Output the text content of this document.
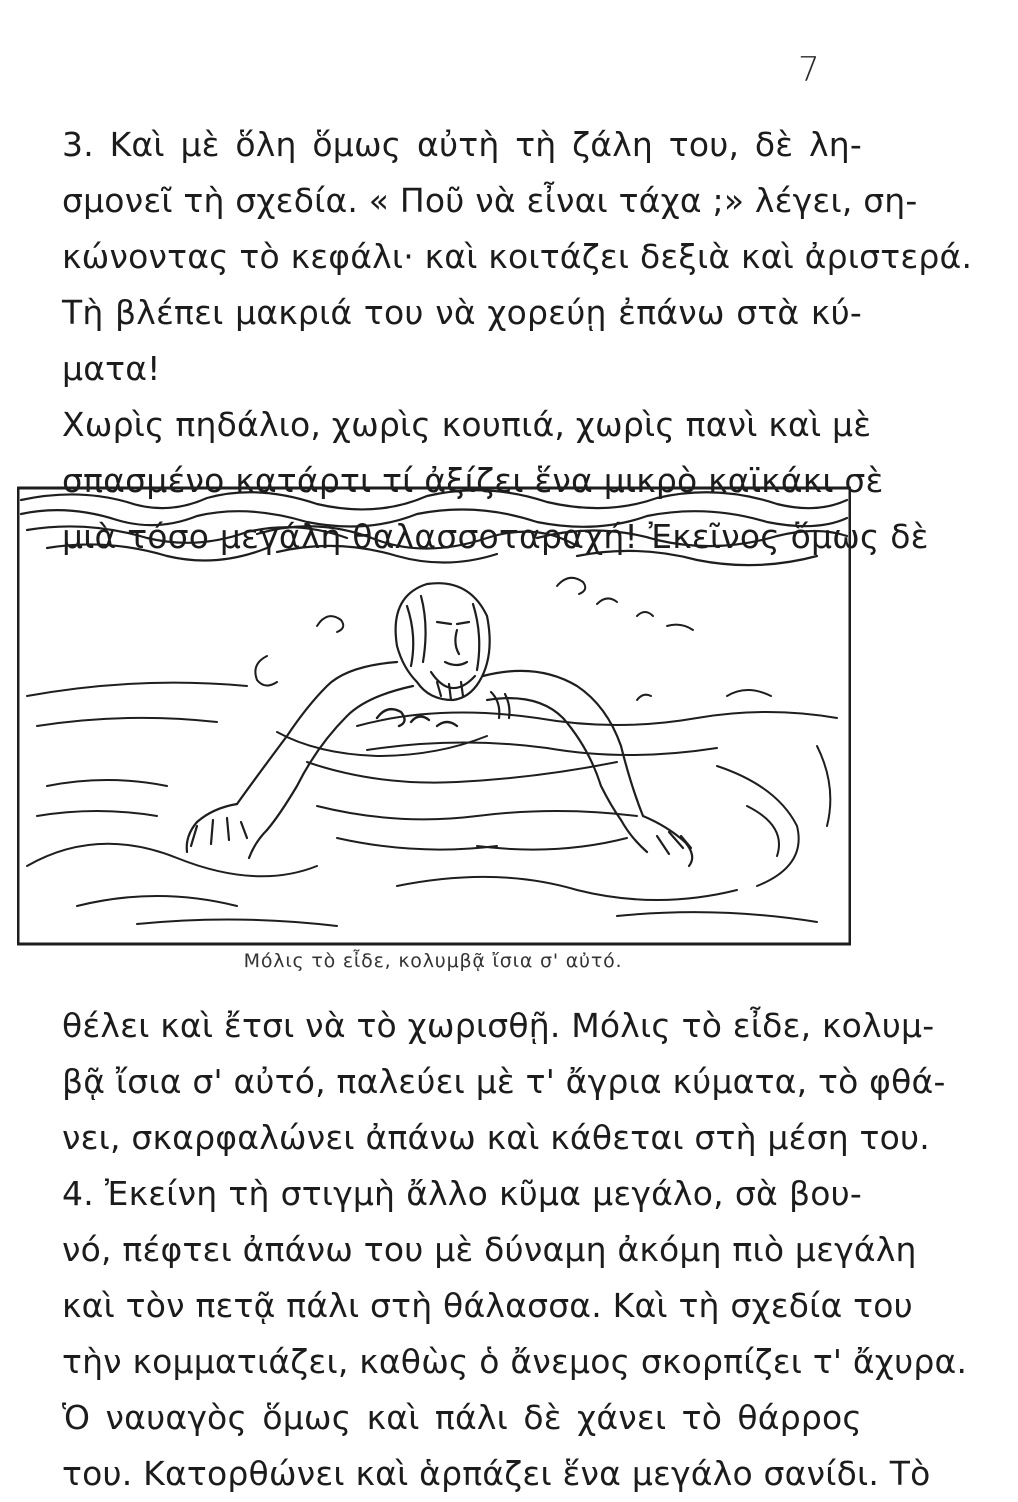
7
3. Καὶ μὲ ὅλη ὅμως αὐτὴ τὴ ζάλη του, δὲ λη-
σμονεῖ τὴ σχεδία. « Ποῦ νὰ εἶναι τάχα ;» λέγει, ση-
κώνοντας τὸ κεφάλι· καὶ κοιτάζει δεξιὰ καὶ ἀριστερά.
Τὴ βλέπει μακριά του νὰ χορεύῃ ἐπάνω στὰ κύ-
ματα!
Χωρὶς πηδάλιο, χωρὶς κουπιά, χωρὶς πανὶ καὶ μὲ
σπασμένο κατάρτι τί ἀξίζει ἕνα μικρὸ καϊκάκι σὲ
μιὰ τόσο μεγάλη θαλασσοταραχή! Ἐκεῖνος ὅμως δὲ
Μόλις τὸ εἶδε, κολυμβᾷ ἴσια σ' αὐτό.
θέλει καὶ ἔτσι νὰ τὸ χωρισθῇ. Μόλις τὸ εἶδε, κολυμ-
βᾷ ἴσια σ' αὐτό, παλεύει μὲ τ' ἄγρια κύματα, τὸ φθά-
νει, σκαρφαλώνει ἀπάνω καὶ κάθεται στὴ μέση του.
4. Ἐκείνη τὴ στιγμὴ ἄλλο κῦμα μεγάλο, σὰ βου-
νό, πέφτει ἀπάνω του μὲ δύναμη ἀκόμη πιὸ μεγάλη
καὶ τὸν πετᾷ πάλι στὴ θάλασσα. Καὶ τὴ σχεδία του
τὴν κομματιάζει, καθὼς ὁ ἄνεμος σκορπίζει τ' ἄχυρα.
Ὁ ναυαγὸς ὅμως καὶ πάλι δὲ χάνει τὸ θάρρος
του. Κατορθώνει καὶ ἁρπάζει ἕνα μεγάλο σανίδι. Τὸ
